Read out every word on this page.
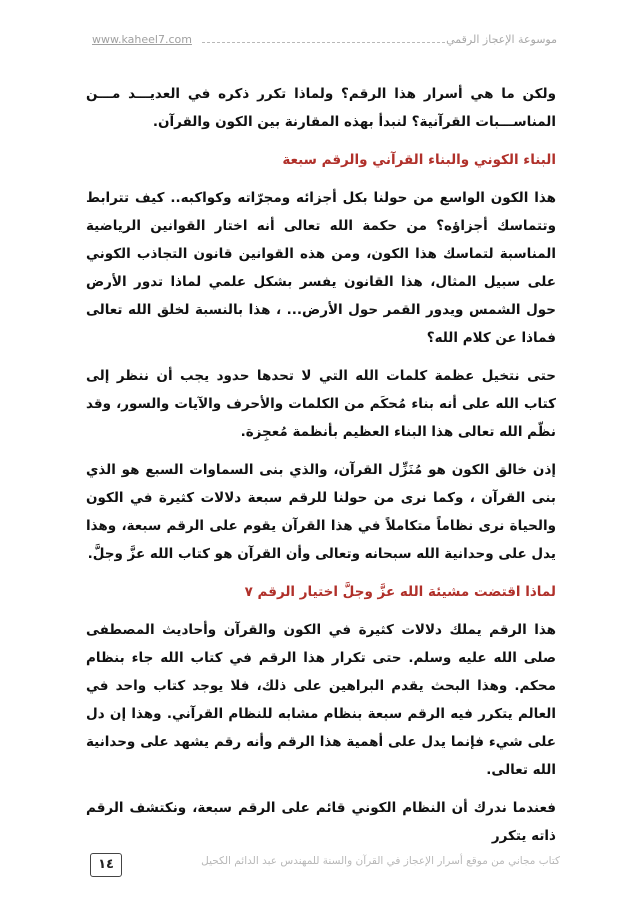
www.kaheel7.com	موسوعة الإعجاز الرقمي

ولكن ما هي أسرار هذا الرقم؟ ولماذا تكرر ذكره في العديـــد مـــن المناســـبات القرآنية؟ لنبدأ بهذه المقارنة بين الكون والقرآن.

البناء الكوني والبناء القرآني والرقم سبعة

هذا الكون الواسع من حولنا بكل أجزائه ومجرّاته وكواكبه.. كيف تترابط وتتماسك أجزاؤه؟ من حكمة الله تعالى أنه اختار القوانين الرياضية المناسبة لتماسك هذا الكون، ومن هذه القوانين قانون التجاذب الكوني على سبيل المثال، هذا القانون يفسر بشكل علمي لماذا تدور الأرض حول الشمس ويدور القمر حول الأرض... ، هذا بالنسبة لخلق الله تعالى فماذا عن كلام الله؟

حتى نتخيل عظمة كلمات الله التي لا تحدها حدود يجب أن ننظر إلى كتاب الله على أنه بناء مُحكَم من الكلمات والأحرف والآيات والسور، وقد نظّم الله تعالى هذا البناء العظيم بأنظمة مُعجِزة.

إذن خالق الكون هو مُنَزِّل القرآن، والذي بنى السماوات السبع هو الذي بنى القرآن ، وكما نرى من حولنا للرقم سبعة دلالات كثيرة في الكون والحياة نرى نظاماً متكاملاً في هذا القرآن يقوم على الرقم سبعة، وهذا يدل على وحدانية الله سبحانه وتعالى وأن القرآن هو كتاب الله عزَّ وجلَّ.

لماذا اقتضت مشيئة الله عزَّ وجلَّ اختيار الرقم ٧

هذا الرقم يملك دلالات كثيرة في الكون والقرآن وأحاديث المصطفى صلى الله عليه وسلم. حتى تكرار هذا الرقم في كتاب الله جاء بنظام محكم. وهذا البحث يقدم البراهين على ذلك، فلا يوجد كتاب واحد في العالم يتكرر فيه الرقم سبعة بنظام مشابه للنظام القرآني. وهذا إن دل على شيء فإنما يدل على أهمية هذا الرقم وأنه رقم يشهد على وحدانية الله تعالى.

فعندما ندرك أن النظام الكوني قائم على الرقم سبعة، ونكتشف الرقم ذاته يتكرر

١٤	كتاب مجاني من موقع أسرار الإعجاز في القرآن والسنة للمهندس عبد الدائم الكحيل
